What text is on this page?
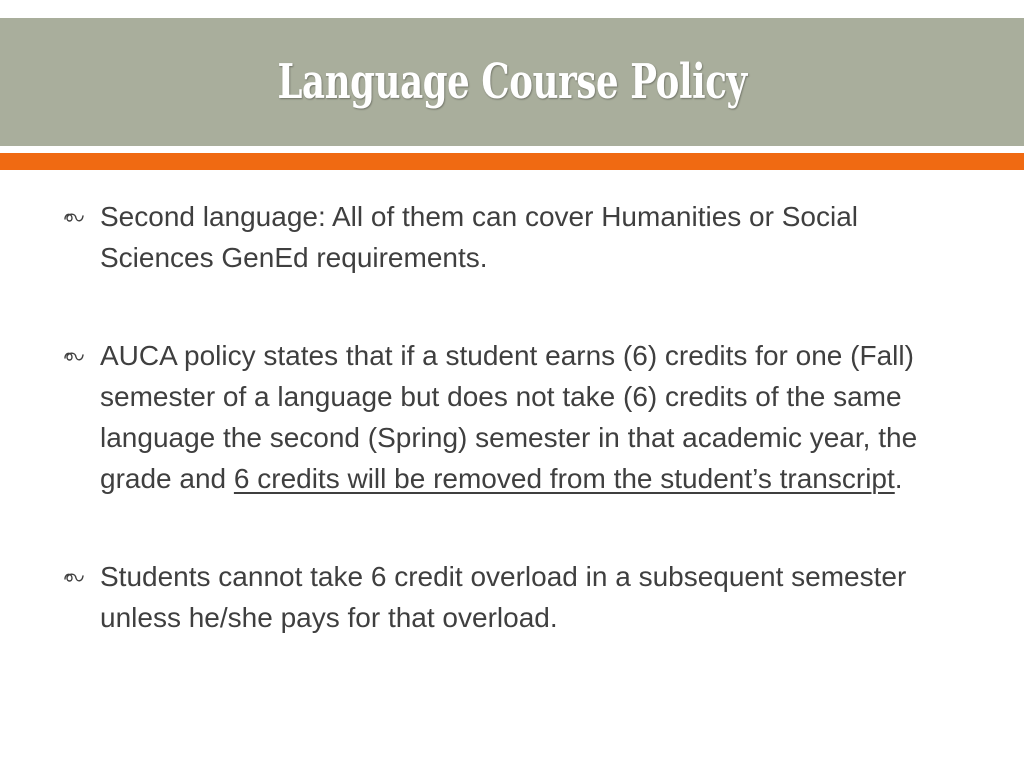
Language Course Policy
Second language: All of them can cover Humanities or Social Sciences GenEd requirements.
AUCA policy states that if a student earns (6) credits for one (Fall) semester of a language but does not take (6) credits of the same language the second (Spring) semester in that academic year, the grade and 6 credits will be removed from the student’s transcript.
Students cannot take 6 credit overload in a subsequent semester unless he/she pays for that overload.
